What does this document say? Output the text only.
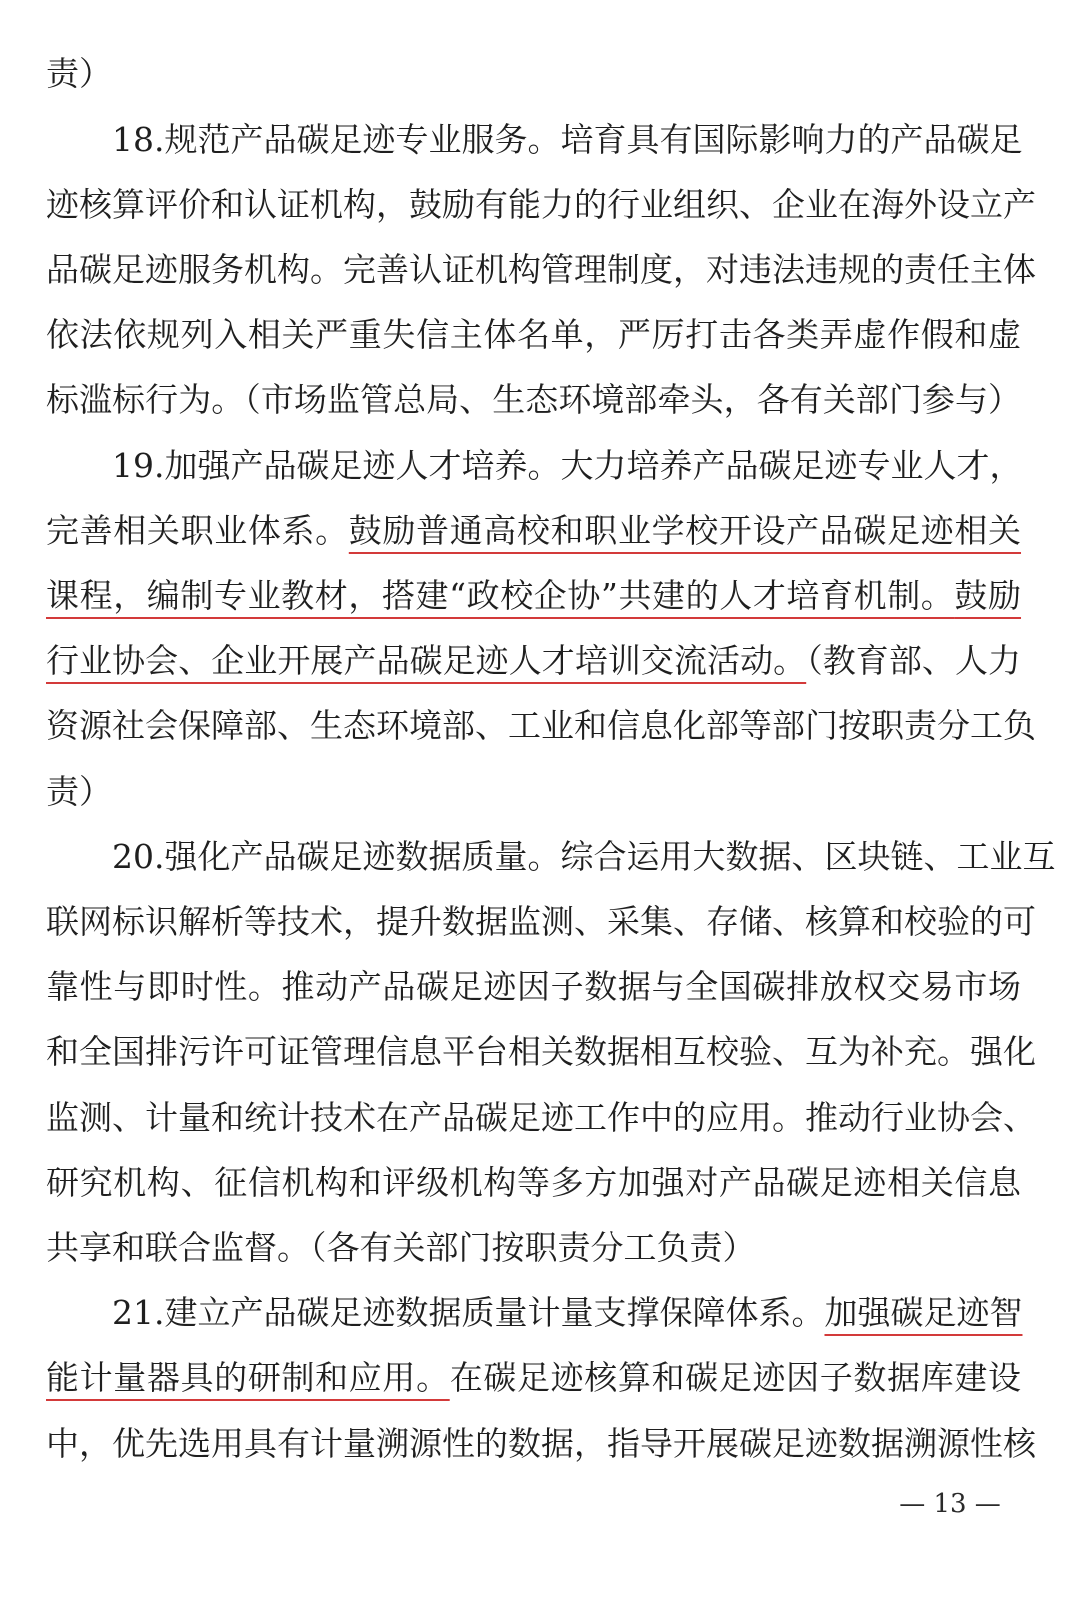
责）
18.规范产品碳足迹专业服务。培育具有国际影响力的产品碳足
迹核算评价和认证机构，鼓励有能力的行业组织、企业在海外设立产
品碳足迹服务机构。完善认证机构管理制度，对违法违规的责任主体
依法依规列入相关严重失信主体名单，严厉打击各类弄虚作假和虚
标滥标行为。（市场监管总局、生态环境部牵头，各有关部门参与）
19.加强产品碳足迹人才培养。大力培养产品碳足迹专业人才，
完善相关职业体系。鼓励普通高校和职业学校开设产品碳足迹相关
课程，编制专业教材，搭建“政校企协”共建的人才培育机制。鼓励
行业协会、企业开展产品碳足迹人才培训交流活动。（教育部、人力
资源社会保障部、生态环境部、工业和信息化部等部门按职责分工负
责）
20.强化产品碳足迹数据质量。综合运用大数据、区块链、工业互
联网标识解析等技术，提升数据监测、采集、存储、核算和校验的可
靠性与即时性。推动产品碳足迹因子数据与全国碳排放权交易市场
和全国排污许可证管理信息平台相关数据相互校验、互为补充。强化
监测、计量和统计技术在产品碳足迹工作中的应用。推动行业协会、
研究机构、征信机构和评级机构等多方加强对产品碳足迹相关信息
共享和联合监督。（各有关部门按职责分工负责）
21.建立产品碳足迹数据质量计量支撑保障体系。加强碳足迹智
能计量器具的研制和应用。在碳足迹核算和碳足迹因子数据库建设
中，优先选用具有计量溯源性的数据，指导开展碳足迹数据溯源性核
— 13 —
